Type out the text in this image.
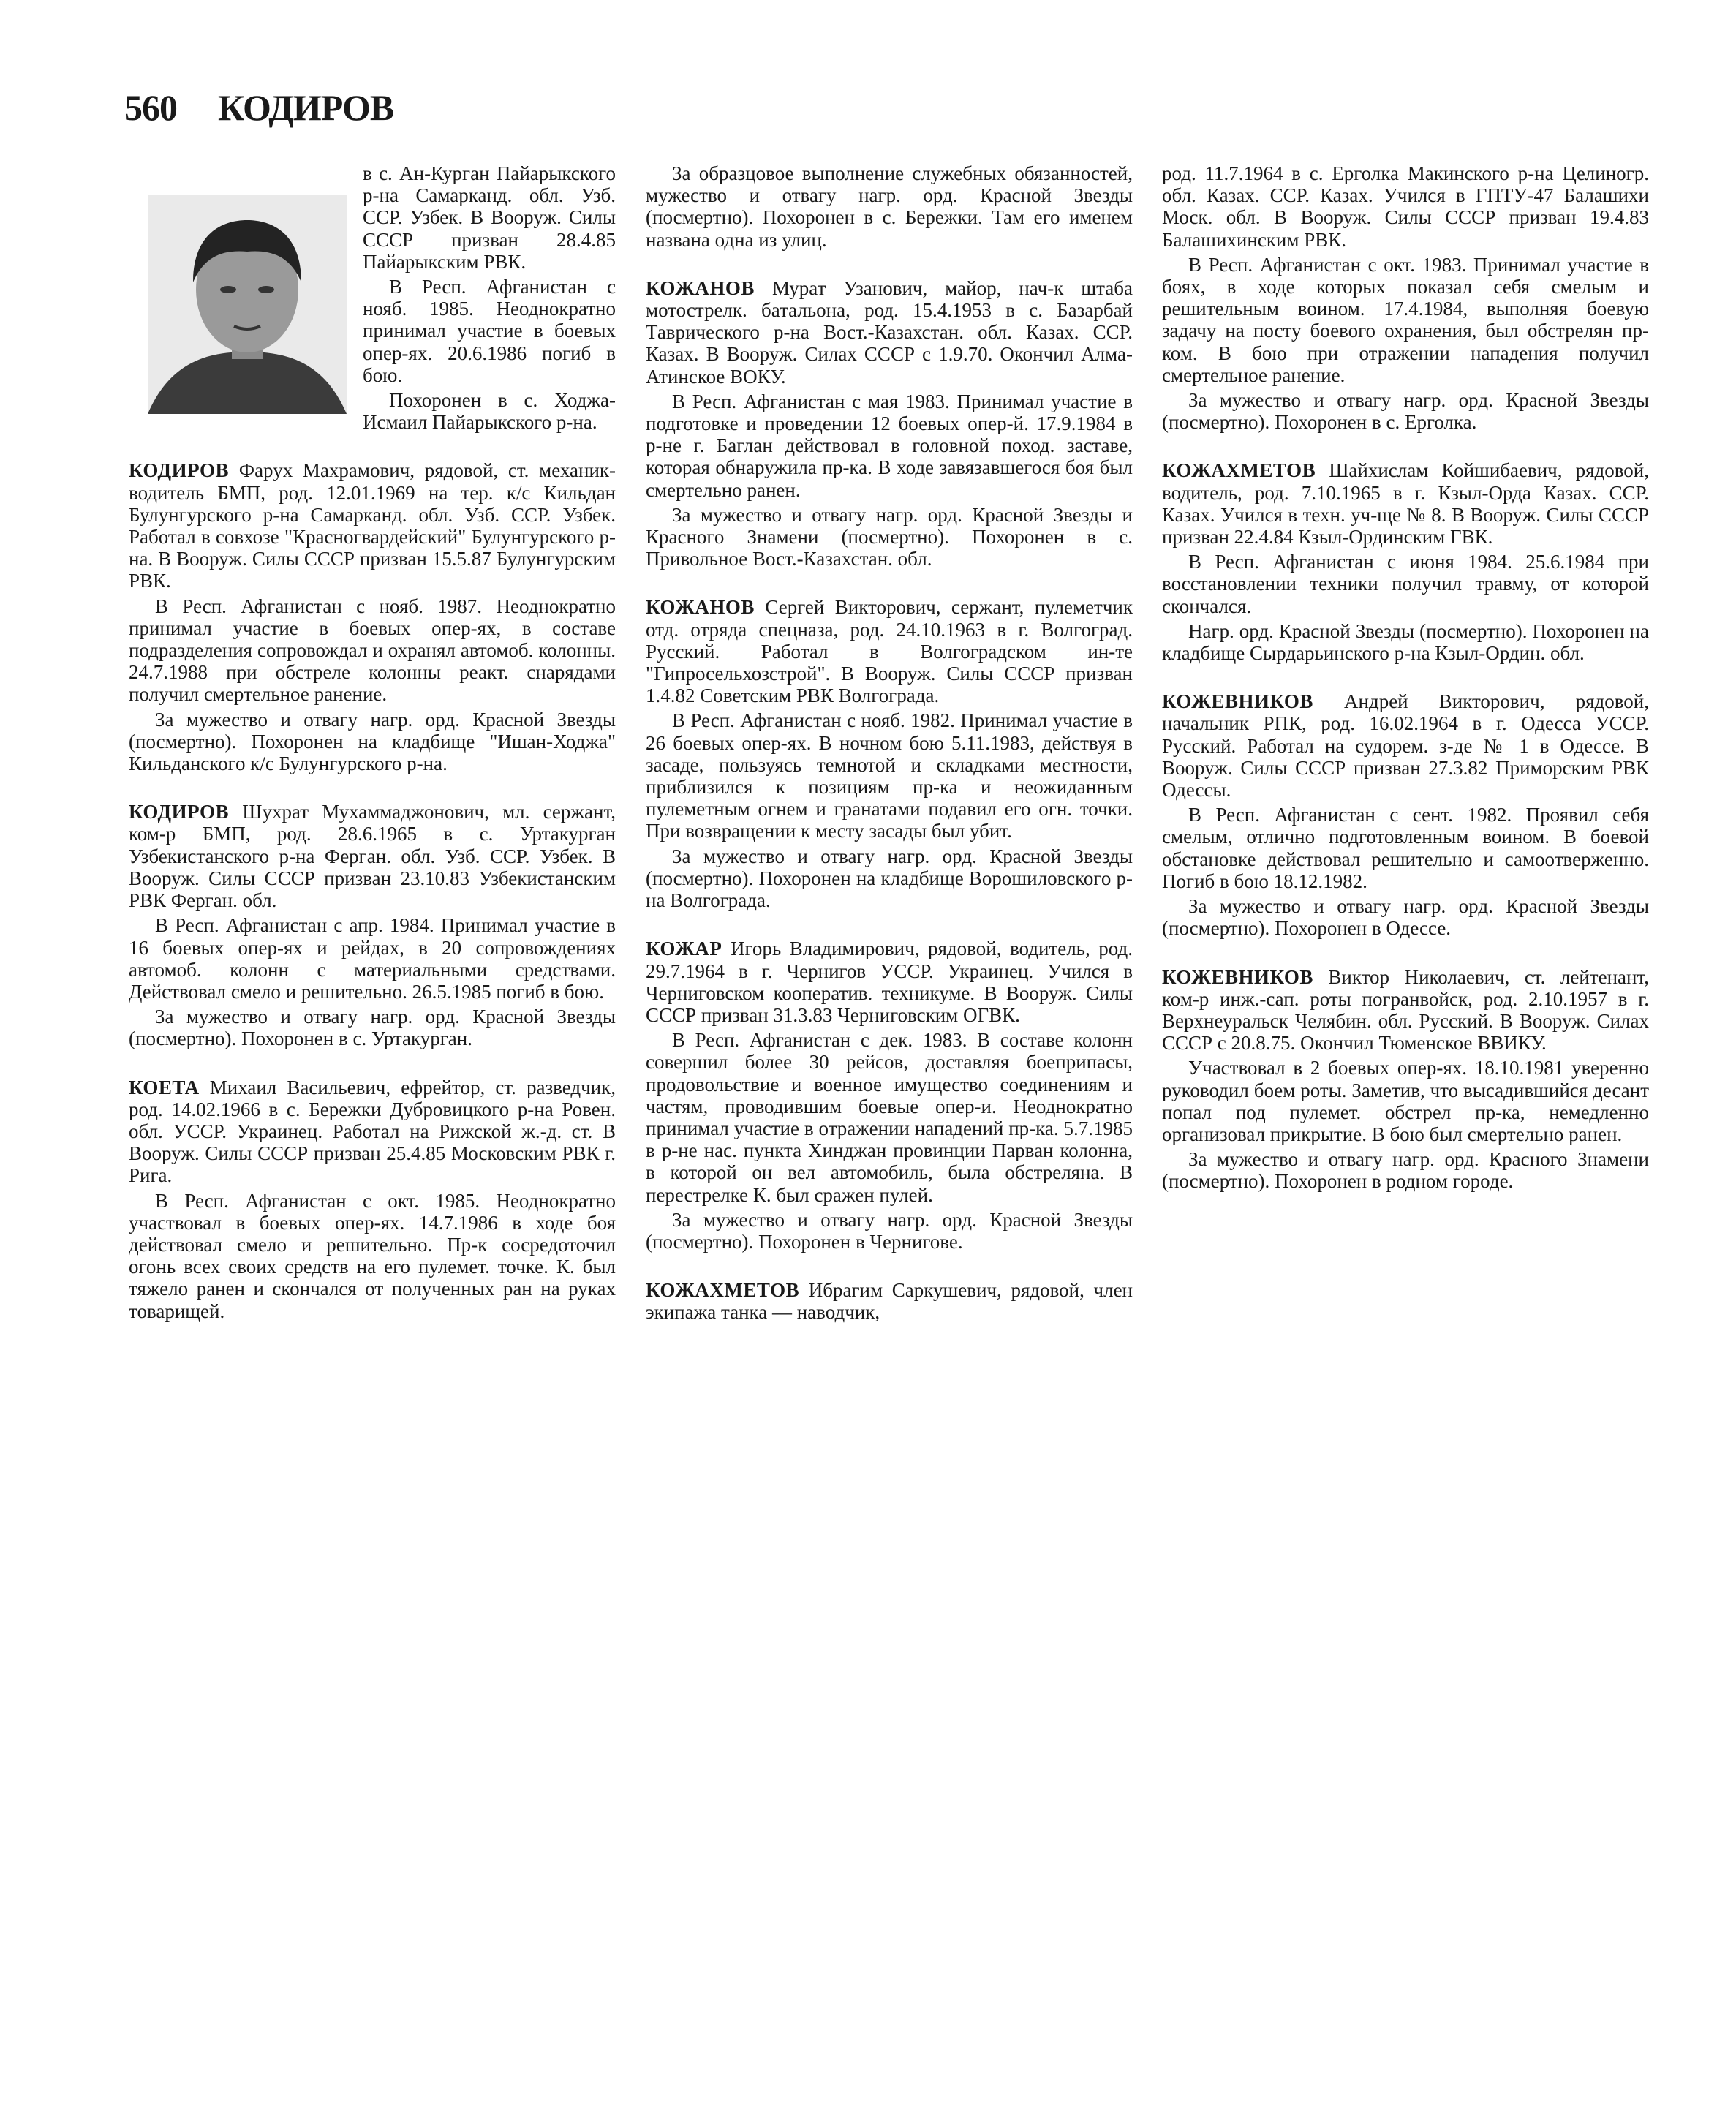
560 КОДИРОВ

в с. Ан-Курган Пайарыкского р-на Самарканд. обл. Узб. ССР. Узбек. В Вооруж. Силы СССР призван 28.4.85 Пайарыкским РВК.

В Респ. Афганистан с нояб. 1985. Неоднократно принимал участие в боевых опер-ях. 20.6.1986 погиб в бою.

Похоронен в с. Ходжа-Исмаил Пайарыкского р-на.

КОДИРОВ Фарух Махрамович, рядовой, ст. механик-водитель БМП, род. 12.01.1969 на тер. к/с Кильдан Булунгурского р-на Самарканд. обл. Узб. ССР. Узбек. Работал в совхозе "Красногвардейский" Булунгурского р-на. В Вооруж. Силы СССР призван 15.5.87 Булунгурским РВК.

В Респ. Афганистан с нояб. 1987. Неоднократно принимал участие в боевых опер-ях, в составе подразделения сопровождал и охранял автомоб. колонны. 24.7.1988 при обстреле колонны реакт. снарядами получил смертельное ранение.

За мужество и отвагу нагр. орд. Красной Звезды (посмертно). Похоронен на кладбище "Ишан-Ходжа" Кильданского к/с Булунгурского р-на.

КОДИРОВ Шухрат Мухаммаджонович, мл. сержант, ком-р БМП, род. 28.6.1965 в с. Уртакурган Узбекистанского р-на Ферган. обл. Узб. ССР. Узбек. В Вооруж. Силы СССР призван 23.10.83 Узбекистанским РВК Ферган. обл.

В Респ. Афганистан с апр. 1984. Принимал участие в 16 боевых опер-ях и рейдах, в 20 сопровождениях автомоб. колонн с материальными средствами. Действовал смело и решительно. 26.5.1985 погиб в бою.

За мужество и отвагу нагр. орд. Красной Звезды (посмертно). Похоронен в с. Уртакурган.

КОЕТА Михаил Васильевич, ефрейтор, ст. разведчик, род. 14.02.1966 в с. Бережки Дубровицкого р-на Ровен. обл. УССР. Украинец. Работал на Рижской ж.-д. ст. В Вооруж. Силы СССР призван 25.4.85 Московским РВК г. Рига.

В Респ. Афганистан с окт. 1985. Неоднократно участвовал в боевых опер-ях. 14.7.1986 в ходе боя действовал смело и решительно. Пр-к сосредоточил огонь всех своих средств на его пулемет. точке. К. был тяжело ранен и скончался от полученных ран на руках товарищей.

За образцовое выполнение служебных обязанностей, мужество и отвагу нагр. орд. Красной Звезды (посмертно). Похоронен в с. Бережки. Там его именем названа одна из улиц.

КОЖАНОВ Мурат Узанович, майор, нач-к штаба мотострелк. батальона, род. 15.4.1953 в с. Базарбай Таврического р-на Вост.-Казахстан. обл. Казах. ССР. Казах. В Вооруж. Силах СССР с 1.9.70. Окончил Алма-Атинское ВОКУ.

В Респ. Афганистан с мая 1983. Принимал участие в подготовке и проведении 12 боевых опер-й. 17.9.1984 в р-не г. Баглан действовал в головной поход. заставе, которая обнаружила пр-ка. В ходе завязавшегося боя был смертельно ранен.

За мужество и отвагу нагр. орд. Красной Звезды и Красного Знамени (посмертно). Похоронен в с. Привольное Вост.-Казахстан. обл.

КОЖАНОВ Сергей Викторович, сержант, пулеметчик отд. отряда спецназа, род. 24.10.1963 в г. Волгоград. Русский. Работал в Волгоградском ин-те "Гипросельхозстрой". В Вооруж. Силы СССР призван 1.4.82 Советским РВК Волгограда.

В Респ. Афганистан с нояб. 1982. Принимал участие в 26 боевых опер-ях. В ночном бою 5.11.1983, действуя в засаде, пользуясь темнотой и складками местности, приблизился к позициям пр-ка и неожиданным пулеметным огнем и гранатами подавил его огн. точки. При возвращении к месту засады был убит.

За мужество и отвагу нагр. орд. Красной Звезды (посмертно). Похоронен на кладбище Ворошиловского р-на Волгограда.

КОЖАР Игорь Владимирович, рядовой, водитель, род. 29.7.1964 в г. Чернигов УССР. Украинец. Учился в Черниговском кооператив. техникуме. В Вооруж. Силы СССР призван 31.3.83 Черниговским ОГВК.

В Респ. Афганистан с дек. 1983. В составе колонн совершил более 30 рейсов, доставляя боеприпасы, продовольствие и военное имущество соединениям и частям, проводившим боевые опер-и. Неоднократно принимал участие в отражении нападений пр-ка. 5.7.1985 в р-не нас. пункта Хинджан провинции Парван колонна, в которой он вел автомобиль, была обстреляна. В перестрелке К. был сражен пулей.

За мужество и отвагу нагр. орд. Красной Звезды (посмертно). Похоронен в Чернигове.

КОЖАХМЕТОВ Ибрагим Саркушевич, рядовой, член экипажа танка — наводчик,

род. 11.7.1964 в с. Ерголка Макинского р-на Целиногр. обл. Казах. ССР. Казах. Учился в ГПТУ-47 Балашихи Моск. обл. В Вооруж. Силы СССР призван 19.4.83 Балашихинским РВК.

В Респ. Афганистан с окт. 1983. Принимал участие в боях, в ходе которых показал себя смелым и решительным воином. 17.4.1984, выполняя боевую задачу на посту боевого охранения, был обстрелян пр-ком. В бою при отражении нападения получил смертельное ранение.

За мужество и отвагу нагр. орд. Красной Звезды (посмертно). Похоронен в с. Ерголка.

КОЖАХМЕТОВ Шайхислам Койшибаевич, рядовой, водитель, род. 7.10.1965 в г. Кзыл-Орда Казах. ССР. Казах. Учился в техн. уч-ще № 8. В Вооруж. Силы СССР призван 22.4.84 Кзыл-Ординским ГВК.

В Респ. Афганистан с июня 1984. 25.6.1984 при восстановлении техники получил травму, от которой скончался.

Нагр. орд. Красной Звезды (посмертно). Похоронен на кладбище Сырдарьинского р-на Кзыл-Ордин. обл.

КОЖЕВНИКОВ Андрей Викторович, рядовой, начальник РПК, род. 16.02.1964 в г. Одесса УССР. Русский. Работал на судорем. з-де № 1 в Одессе. В Вооруж. Силы СССР призван 27.3.82 Приморским РВК Одессы.

В Респ. Афганистан с сент. 1982. Проявил себя смелым, отлично подготовленным воином. В боевой обстановке действовал решительно и самоотверженно. Погиб в бою 18.12.1982.

За мужество и отвагу нагр. орд. Красной Звезды (посмертно). Похоронен в Одессе.

КОЖЕВНИКОВ Виктор Николаевич, ст. лейтенант, ком-р инж.-сап. роты погранвойск, род. 2.10.1957 в г. Верхнеуральск Челябин. обл. Русский. В Вооруж. Силах СССР с 20.8.75. Окончил Тюменское ВВИКУ.

Участвовал в 2 боевых опер-ях. 18.10.1981 уверенно руководил боем роты. Заметив, что высадившийся десант попал под пулемет. обстрел пр-ка, немедленно организовал прикрытие. В бою был смертельно ранен.

За мужество и отвагу нагр. орд. Красного Знамени (посмертно). Похоронен в родном городе.
